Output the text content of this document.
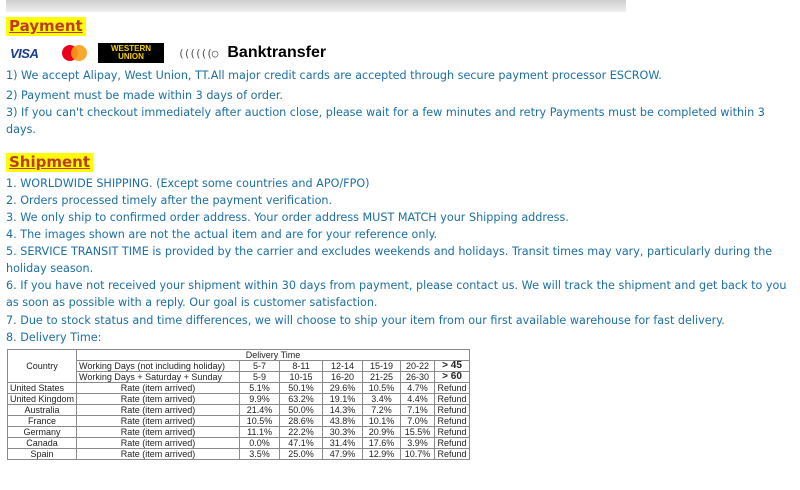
Payment
VISA	WESTERN
UNION	((((((○ Banktransfer
1) We accept Alipay, West Union, TT.All major credit cards are accepted through secure payment processor ESCROW.
2) Payment must be made within 3 days of order.
3) If you can't checkout immediately after auction close, please wait for a few minutes and retry Payments must be completed within 3 days.
Shipment
1. WORLDWIDE SHIPPING. (Except some countries and APO/FPO)
2. Orders processed timely after the payment verification.
3. We only ship to confirmed order address. Your order address MUST MATCH your Shipping address.
4. The images shown are not the actual item and are for your reference only.
5. SERVICE TRANSIT TIME is provided by the carrier and excludes weekends and holidays. Transit times may vary, particularly during the holiday season.
6. If you have not received your shipment within 30 days from payment, please contact us. We will track the shipment and get back to you as soon as possible with a reply. Our goal is customer satisfaction.
7. Due to stock status and time differences, we will choose to ship your item from our first available warehouse for fast delivery.
8. Delivery Time:
Country	Delivery Time						
	Working Days (not including holiday)	5-7	8-11	12-14	15-19	20-22	> 45
	Working Days + Saturday + Sunday	5-9	10-15	16-20	21-25	26-30	> 60
United States	Rate (item arrived)	5.1%	50.1%	29.6%	10.5%	4.7%	Refund
United Kingdom	Rate (item arrived)	9.9%	63.2%	19.1%	3.4%	4.4%	Refund
Australia	Rate (item arrived)	21.4%	50.0%	14.3%	7.2%	7.1%	Refund
France	Rate (item arrived)	10.5%	28.6%	43.8%	10.1%	7.0%	Refund
Germany	Rate (item arrived)	11.1%	22.2%	30.3%	20.9%	15.5%	Refund
Canada	Rate (item arrived)	0.0%	47.1%	31.4%	17.6%	3.9%	Refund
Spain	Rate (item arrived)	3.5%	25.0%	47.9%	12.9%	10.7%	Refund
